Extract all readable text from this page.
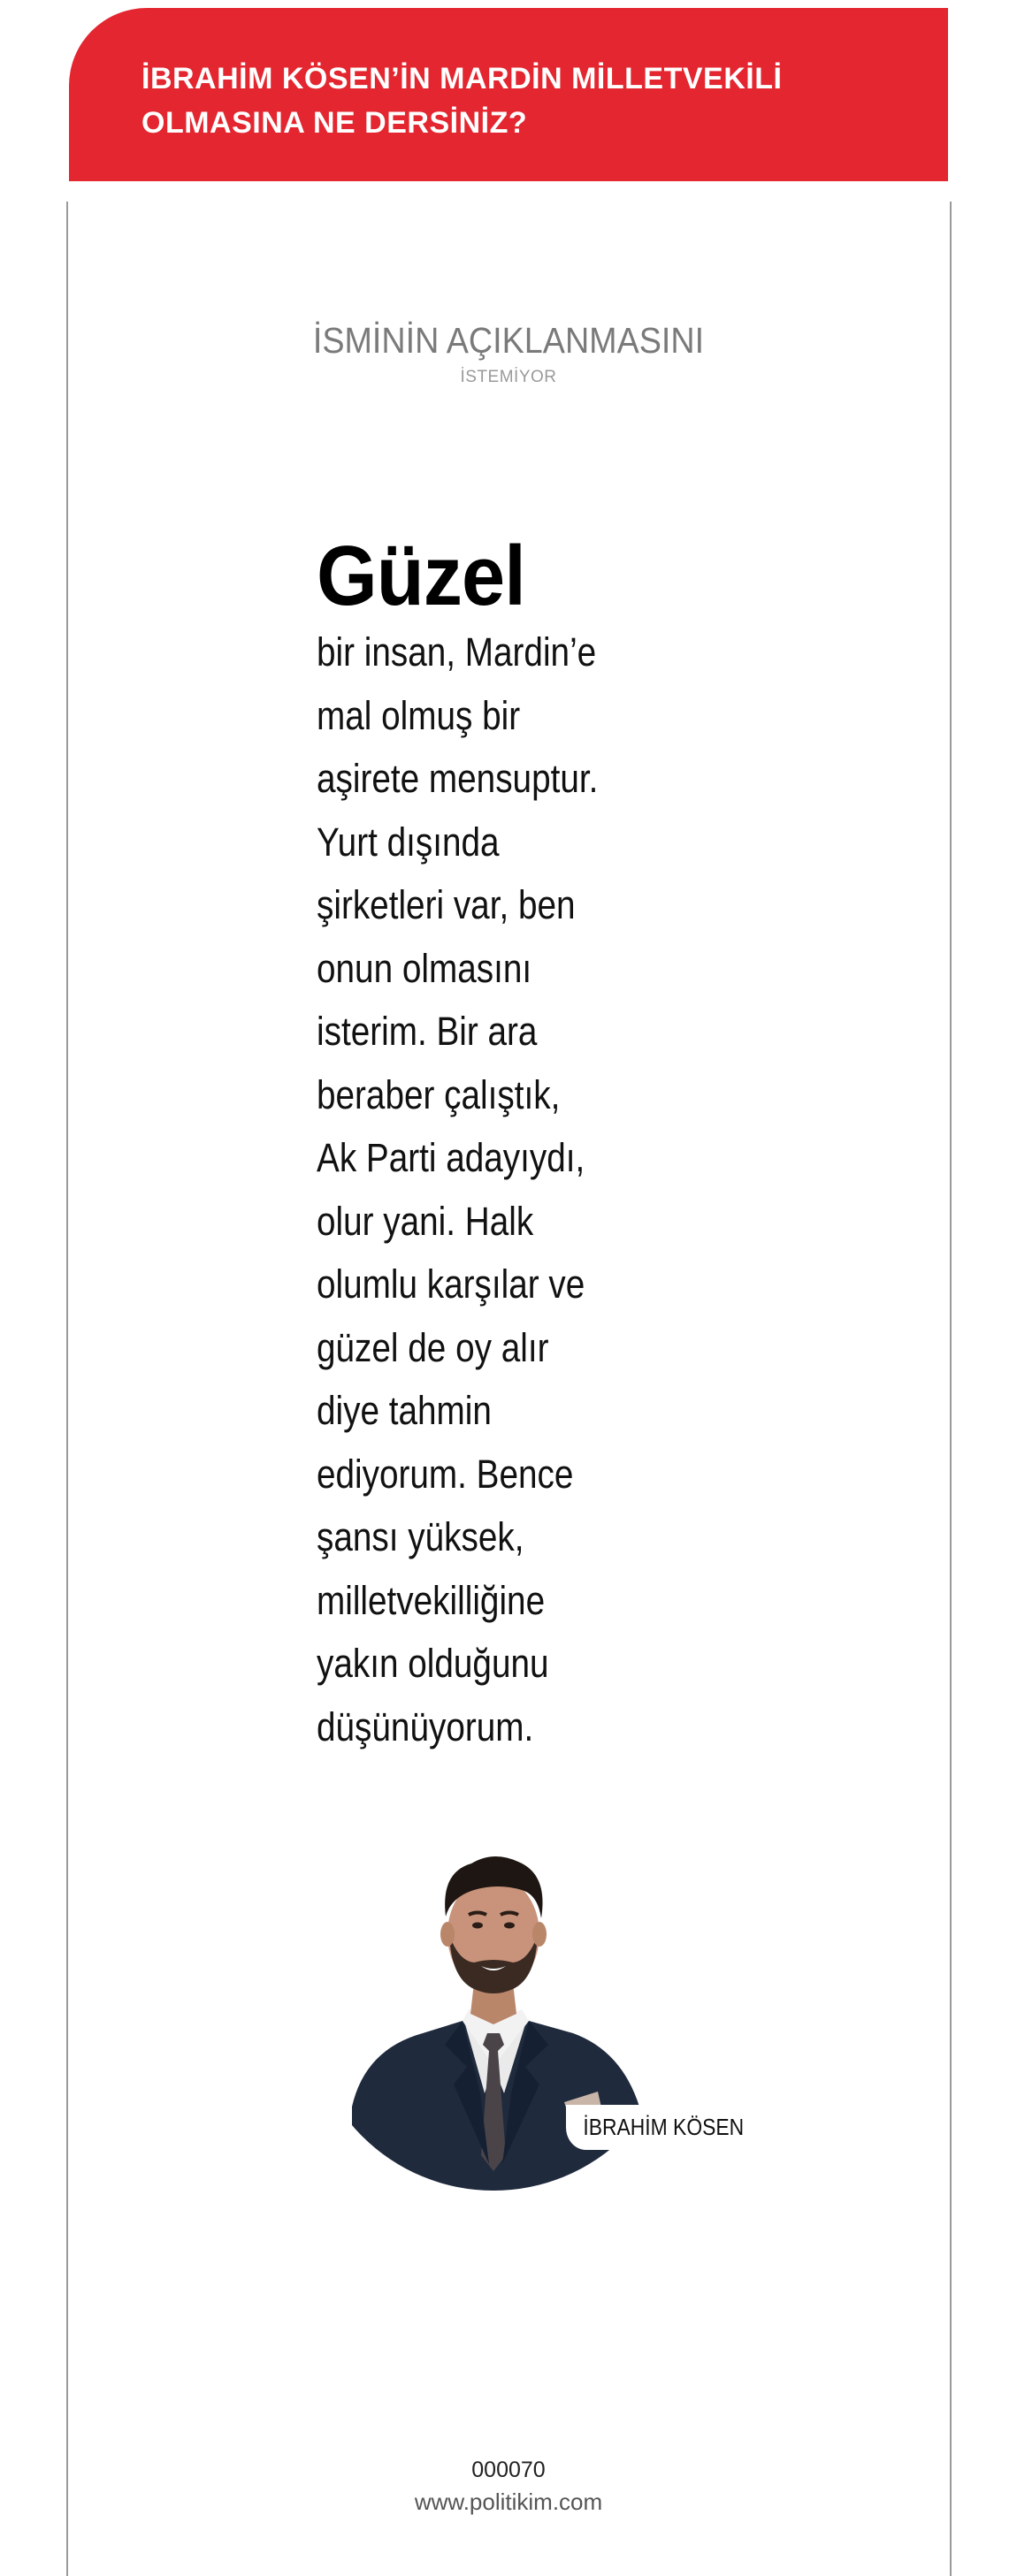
İBRAHİM KÖSEN’İN MARDİN MİLLETVEKİLİ
OLMASINA NE DERSİNİZ?
İSMİNİN AÇIKLANMASINI
İSTEMİYOR
Güzel
bir insan, Mardin’e
mal olmuş bir
aşirete mensuptur.
Yurt dışında
şirketleri var, ben
onun olmasını
isterim. Bir ara
beraber çalıştık,
Ak Parti adayıydı,
olur yani. Halk
olumlu karşılar ve
güzel de oy alır
diye tahmin
ediyorum. Bence
şansı yüksek,
milletvekilliğine
yakın olduğunu
düşünüyorum.
İBRAHİM KÖSEN
000070
www.politikim.com
